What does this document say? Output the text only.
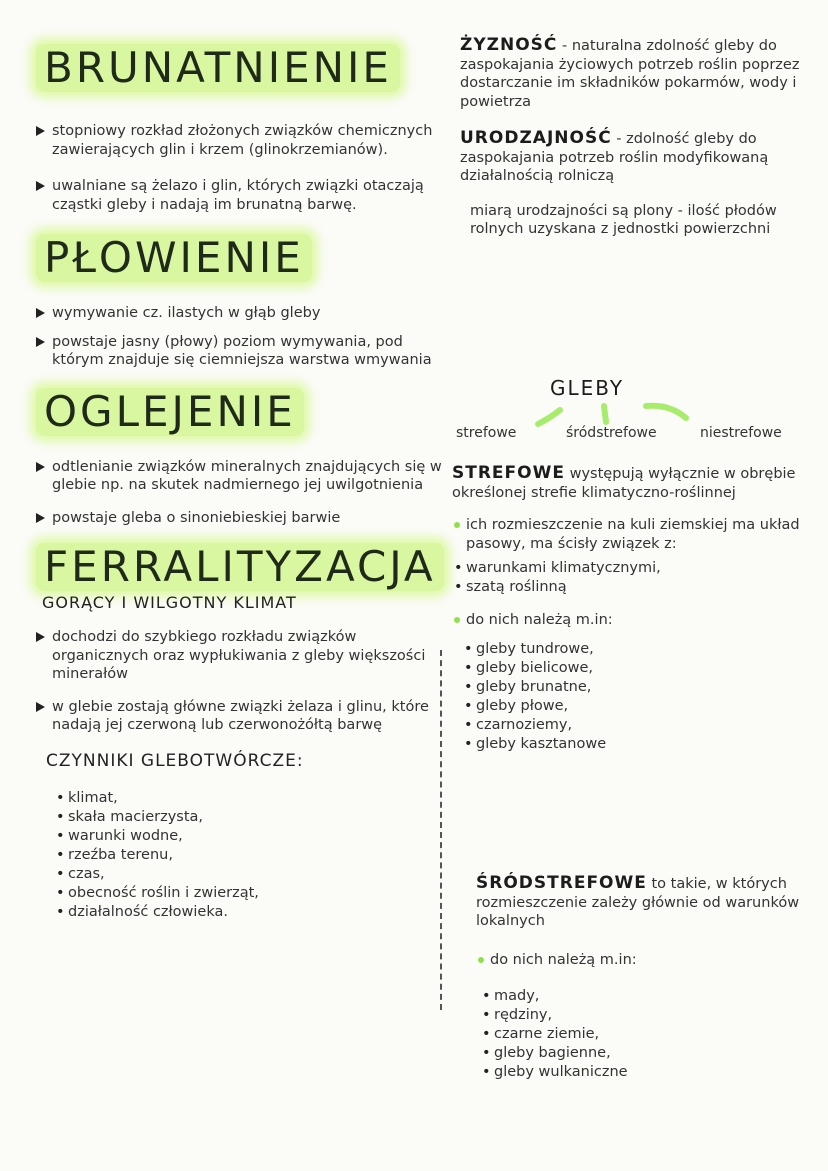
BRUNATNIENIE

stopniowy rozkład złożonych związków chemicznych zawierających glin i krzem (glinokrzemianów).

uwalniane są żelazo i glin, których związki otaczają cząstki gleby i nadają im brunatną barwę.

PŁOWIENIE

wymywanie cz. ilastych w głąb gleby

powstaje jasny (płowy) poziom wymywania, pod którym znajduje się ciemniejsza warstwa wmywania

OGLEJENIE

odtlenianie związków mineralnych znajdujących się w glebie np. na skutek nadmiernego jej uwilgotnienia

powstaje gleba o sinoniebieskiej barwie

FERRALITYZACJA
GORĄCY I WILGOTNY KLIMAT

dochodzi do szybkiego rozkładu związków organicznych oraz wypłukiwania z gleby większości minerałów

w glebie zostają główne związki żelaza i glinu, które nadają jej czerwoną lub czerwonożółtą barwę

CZYNNIKI GLEBOTWÓRCZE:
• klimat,
• skała macierzysta,
• warunki wodne,
• rzeźba terenu,
• czas,
• obecność roślin i zwierząt,
• działalność człowieka.

ŻYZNOŚĆ - naturalna zdolność gleby do zaspokajania życiowych potrzeb roślin poprzez dostarczanie im składników pokarmów, wody i powietrza

URODZAJNOŚĆ - zdolność gleby do zaspokajania potrzeb roślin modyfikowaną działalnością rolniczą

miarą urodzajności są plony - ilość płodów rolnych uzyskana z jednostki powierzchni

GLEBY
strefowe	śródstrefowe	niestrefowe

STREFOWE występują wyłącznie w obrębie określonej strefie klimatyczno-roślinnej

ich rozmieszczenie na kuli ziemskiej ma układ pasowy, ma ścisły związek z:

• warunkami klimatycznymi,
• szatą roślinną

do nich należą m.in:

• gleby tundrowe,
• gleby bielicowe,
• gleby brunatne,
• gleby płowe,
• czarnoziemy,
• gleby kasztanowe

ŚRÓDSTREFOWE to takie, w których rozmieszczenie zależy głównie od warunków lokalnych

do nich należą m.in:

• mady,
• rędziny,
• czarne ziemie,
• gleby bagienne,
• gleby wulkaniczne
